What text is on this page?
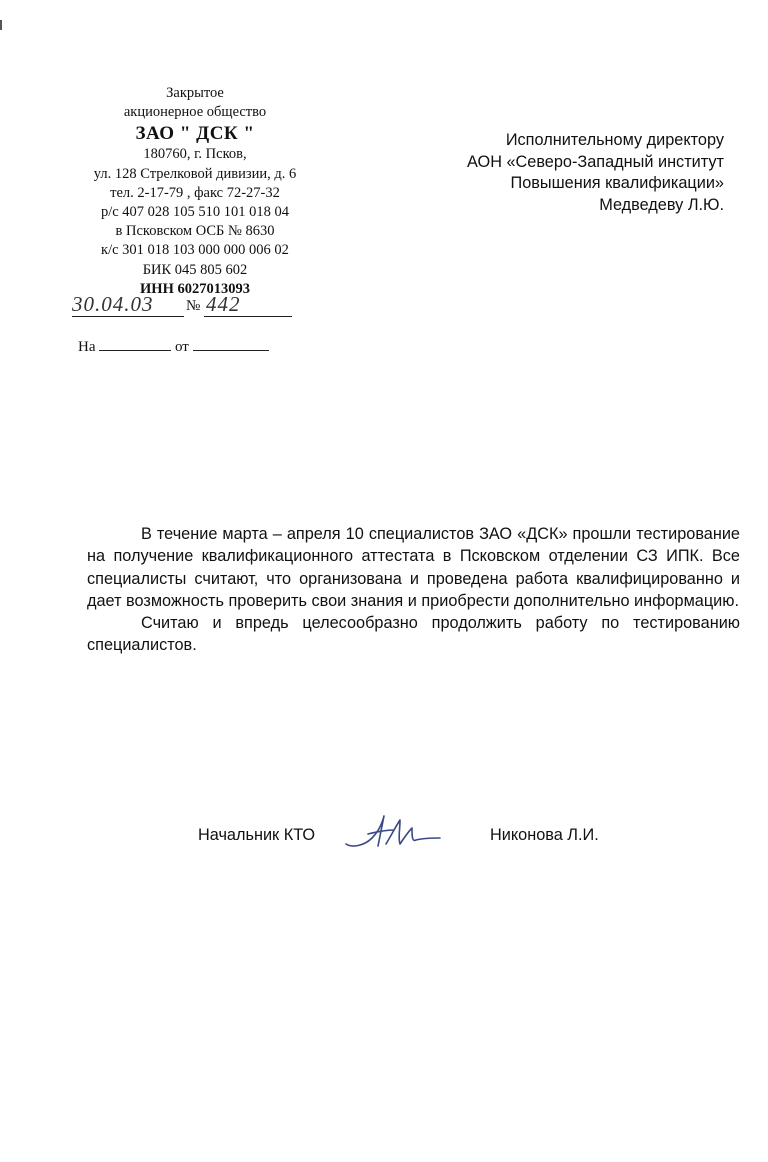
Закрытое
акционерное общество
ЗАО " ДСК "
180760, г. Псков,
ул. 128 Стрелковой дивизии, д. 6
тел. 2-17-79 , факс 72-27-32
р/с 407 028 105 510 101 018 04
в Псковском ОСБ № 8630
к/с 301 018 103 000 000 006 02
БИК 045 805 602
ИНН 6027013093
30.04.03 № 442
На	от
Исполнительному директору
АОН «Северо-Западный институт
Повышения квалификации»
Медведеву Л.Ю.

В течение марта – апреля 10 специалистов ЗАО «ДСК» прошли тестирование на получение квалификационного аттестата в Псковском отделении СЗ ИПК. Все специалисты считают, что организована и проведена работа квалифицированно и дает возможность проверить свои знания и приобрести дополнительно информацию.

Считаю и впредь целесообразно продолжить работу по тестированию специалистов.

Начальник КТО	Никонова Л.И.
